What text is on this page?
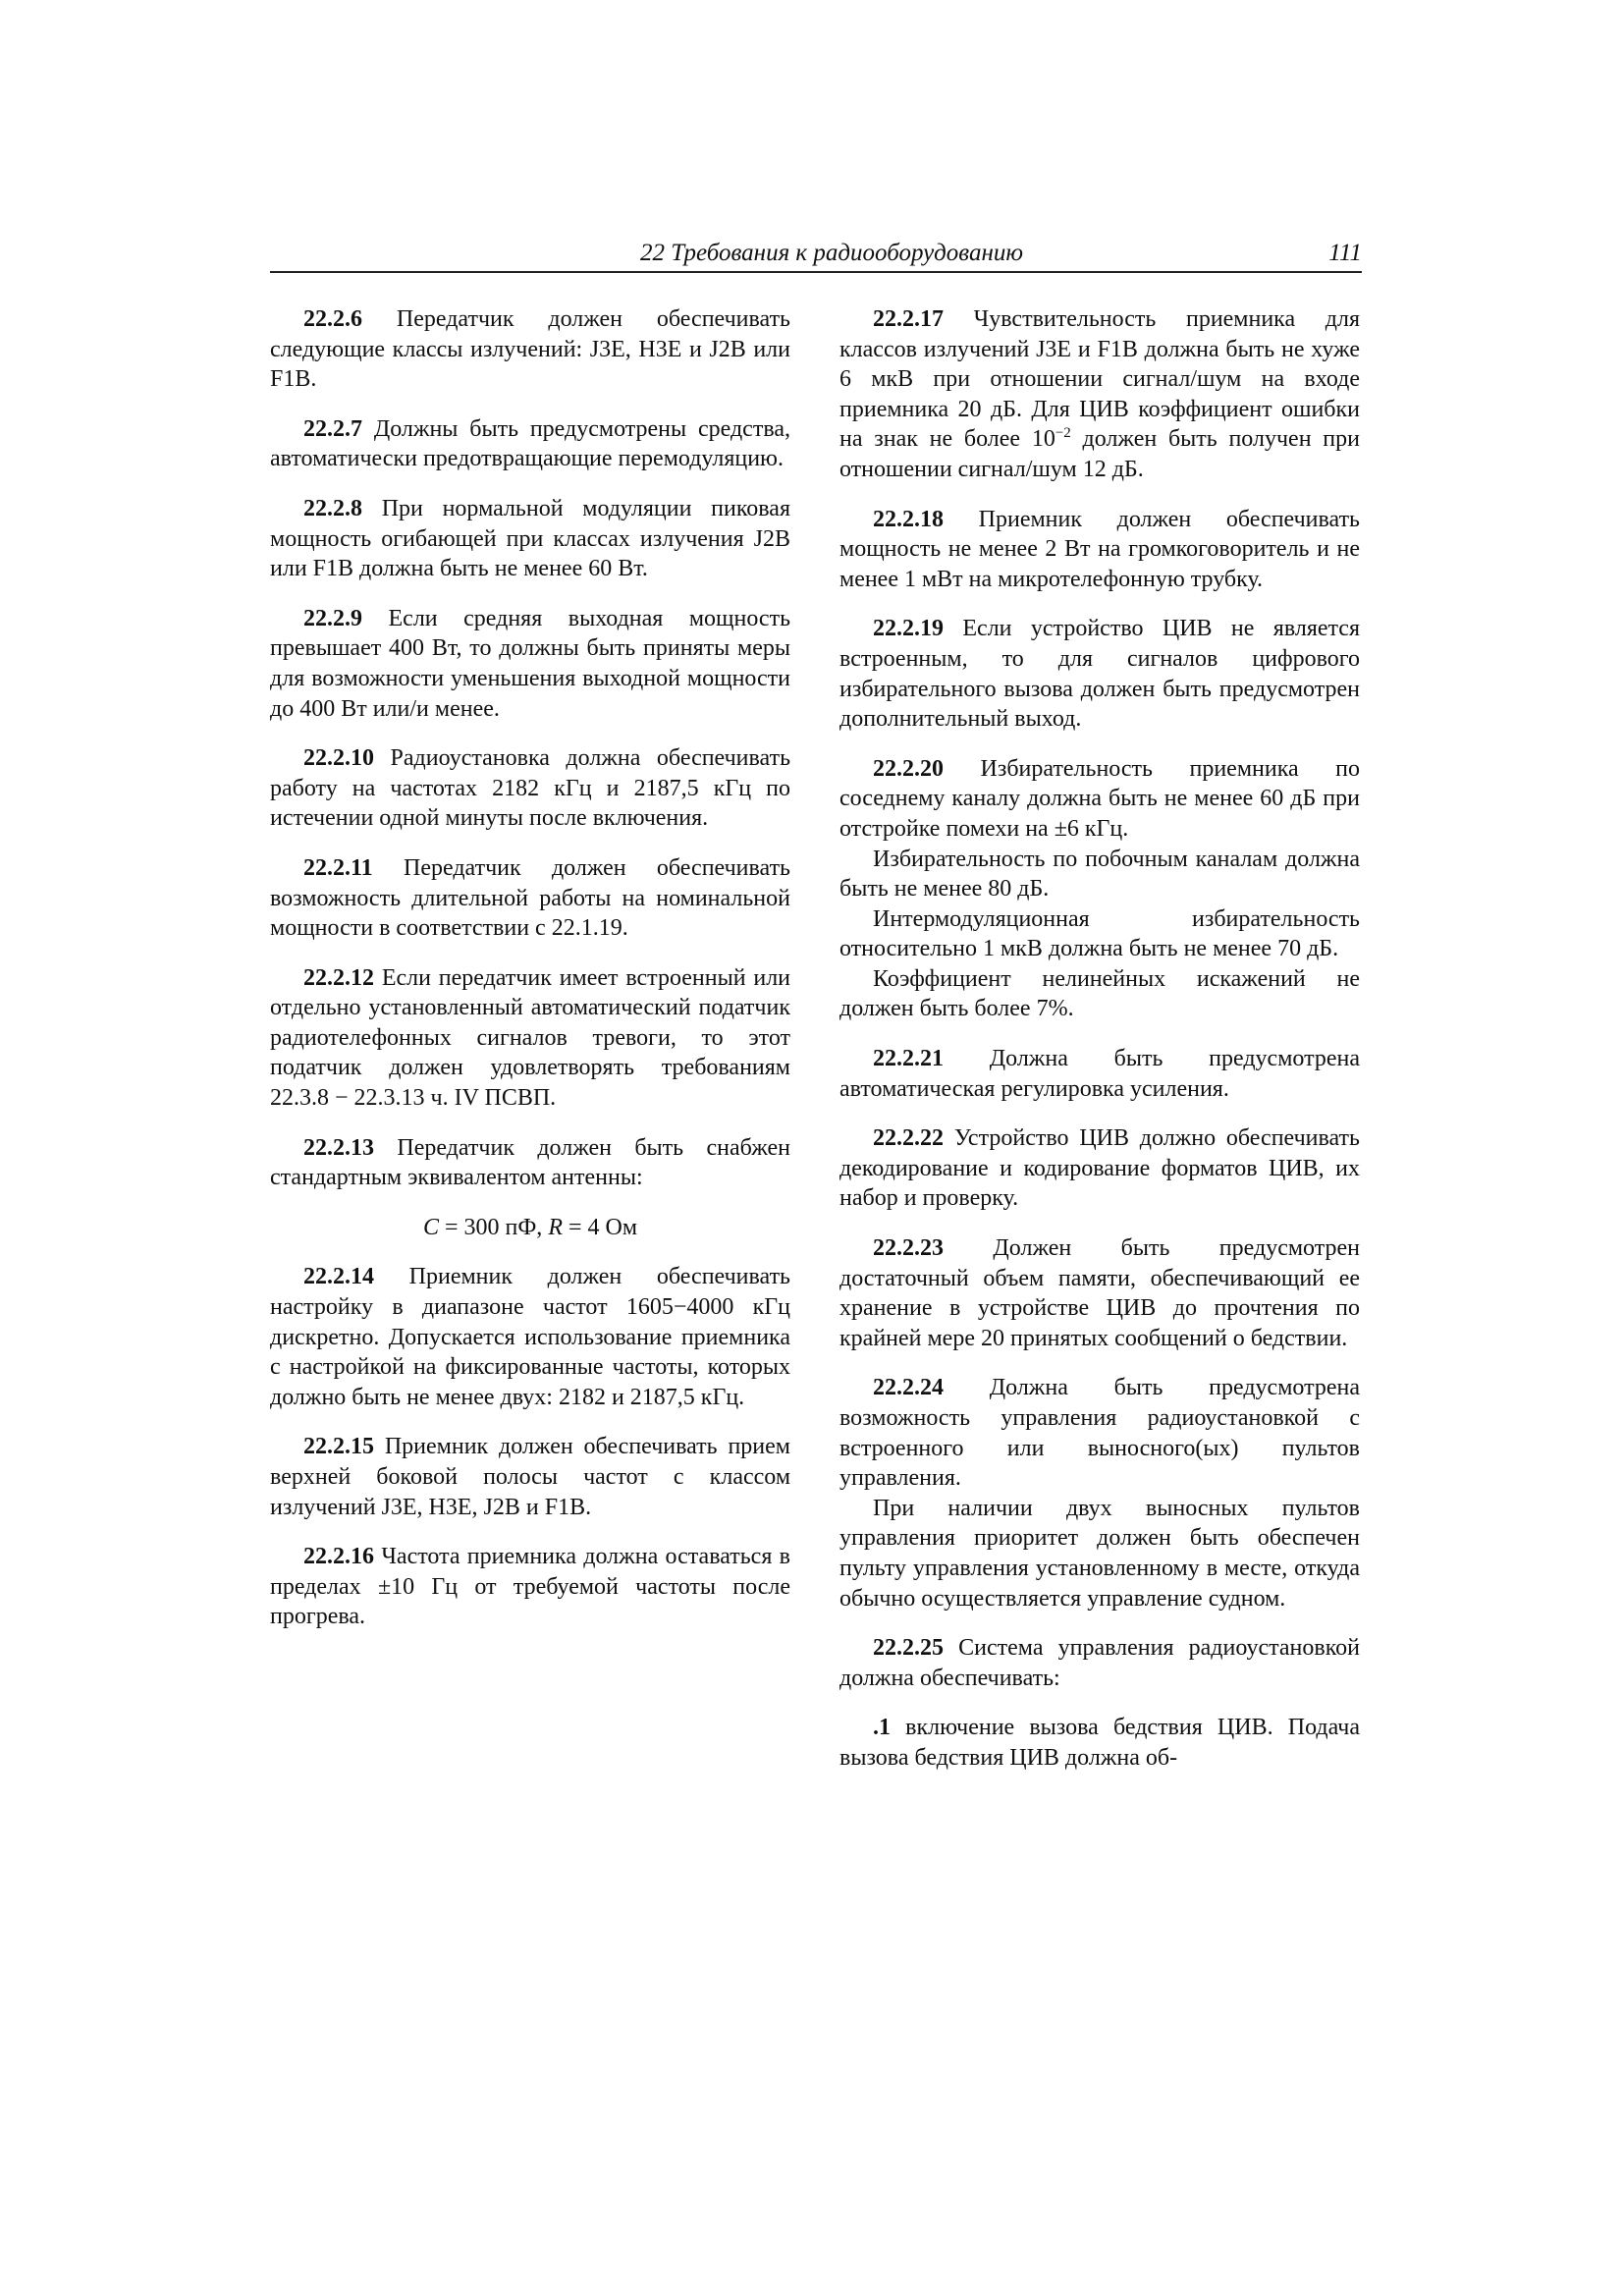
22 Требования к радиооборудованию	111

22.2.6 Передатчик должен обеспечивать следующие классы излучений: J3E, H3E и J2B или F1B.

22.2.7 Должны быть предусмотрены средства, автоматически предотвращающие перемодуляцию.

22.2.8 При нормальной модуляции пиковая мощность огибающей при классах излучения J2B или F1B должна быть не менее 60 Вт.

22.2.9 Если средняя выходная мощность превышает 400 Вт, то должны быть приняты меры для возможности уменьшения выходной мощности до 400 Вт или/и менее.

22.2.10 Радиоустановка должна обеспечивать работу на частотах 2182 кГц и 2187,5 кГц по истечении одной минуты после включения.

22.2.11 Передатчик должен обеспечивать возможность длительной работы на номинальной мощности в соответствии с 22.1.19.

22.2.12 Если передатчик имеет встроенный или отдельно установленный автоматический податчик радиотелефонных сигналов тревоги, то этот податчик должен удовлетворять требованиям 22.3.8 − 22.3.13 ч. IV ПСВП.

22.2.13 Передатчик должен быть снабжен стандартным эквивалентом антенны:

C = 300 пФ, R = 4 Ом

22.2.14 Приемник должен обеспечивать настройку в диапазоне частот 1605−4000 кГц дискретно. Допускается использование приемника с настройкой на фиксированные частоты, которых должно быть не менее двух: 2182 и 2187,5 кГц.

22.2.15 Приемник должен обеспечивать прием верхней боковой полосы частот с классом излучений J3E, H3E, J2B и F1B.

22.2.16 Частота приемника должна оставаться в пределах ±10 Гц от требуемой частоты после прогрева.

22.2.17 Чувствительность приемника для классов излучений J3E и F1B должна быть не хуже 6 мкВ при отношении сигнал/шум на входе приемника 20 дБ. Для ЦИВ коэффициент ошибки на знак не более $10^{-2}$ должен быть получен при отношении сигнал/шум 12 дБ.

22.2.18 Приемник должен обеспечивать мощность не менее 2 Вт на громкоговоритель и не менее 1 мВт на микротелефонную трубку.

22.2.19 Если устройство ЦИВ не является встроенным, то для сигналов цифрового избирательного вызова должен быть предусмотрен дополнительный выход.

22.2.20 Избирательность приемника по соседнему каналу должна быть не менее 60 дБ при отстройке помехи на ±6 кГц.

Избирательность по побочным каналам должна быть не менее 80 дБ.

Интермодуляционная избирательность относительно 1 мкВ должна быть не менее 70 дБ.

Коэффициент нелинейных искажений не должен быть более 7%.

22.2.21 Должна быть предусмотрена автоматическая регулировка усиления.

22.2.22 Устройство ЦИВ должно обеспечивать декодирование и кодирование форматов ЦИВ, их набор и проверку.

22.2.23 Должен быть предусмотрен достаточный объем памяти, обеспечивающий ее хранение в устройстве ЦИВ до прочтения по крайней мере 20 принятых сообщений о бедствии.

22.2.24 Должна быть предусмотрена возможность управления радиоустановкой с встроенного или выносного(ых) пультов управления.

При наличии двух выносных пультов управления приоритет должен быть обеспечен пульту управления установленному в месте, откуда обычно осуществляется управление судном.

22.2.25 Система управления радиоустановкой должна обеспечивать:

.1 включение вызова бедствия ЦИВ. Подача вызова бедствия ЦИВ должна об-
